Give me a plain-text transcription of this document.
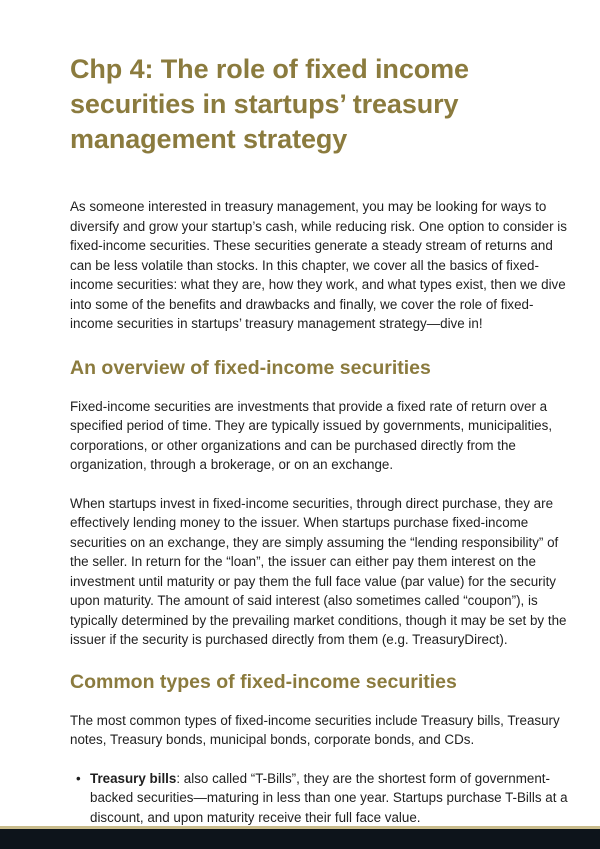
Chp 4: The role of fixed income securities in startups’ treasury management strategy

As someone interested in treasury management, you may be looking for ways to diversify and grow your startup’s cash, while reducing risk. One option to consider is fixed-income securities. These securities generate a steady stream of returns and can be less volatile than stocks. In this chapter, we cover all the basics of fixed-income securities: what they are, how they work, and what types exist, then we dive into some of the benefits and drawbacks and finally, we cover the role of fixed-income securities in startups’ treasury management strategy—dive in!

An overview of fixed-income securities

Fixed-income securities are investments that provide a fixed rate of return over a specified period of time. They are typically issued by governments, municipalities, corporations, or other organizations and can be purchased directly from the organization, through a brokerage, or on an exchange.

When startups invest in fixed-income securities, through direct purchase, they are effectively lending money to the issuer. When startups purchase fixed-income securities on an exchange, they are simply assuming the “lending responsibility” of the seller. In return for the “loan”, the issuer can either pay them interest on the investment until maturity or pay them the full face value (par value) for the security upon maturity. The amount of said interest (also sometimes called “coupon”), is typically determined by the prevailing market conditions, though it may be set by the issuer if the security is purchased directly from them (e.g. TreasuryDirect).

Common types of fixed-income securities

The most common types of fixed-income securities include Treasury bills, Treasury notes, Treasury bonds, municipal bonds, corporate bonds, and CDs.

• Treasury bills: also called “T-Bills”, they are the shortest form of government-backed securities—maturing in less than one year. Startups purchase T-Bills at a discount, and upon maturity receive their full face value.
